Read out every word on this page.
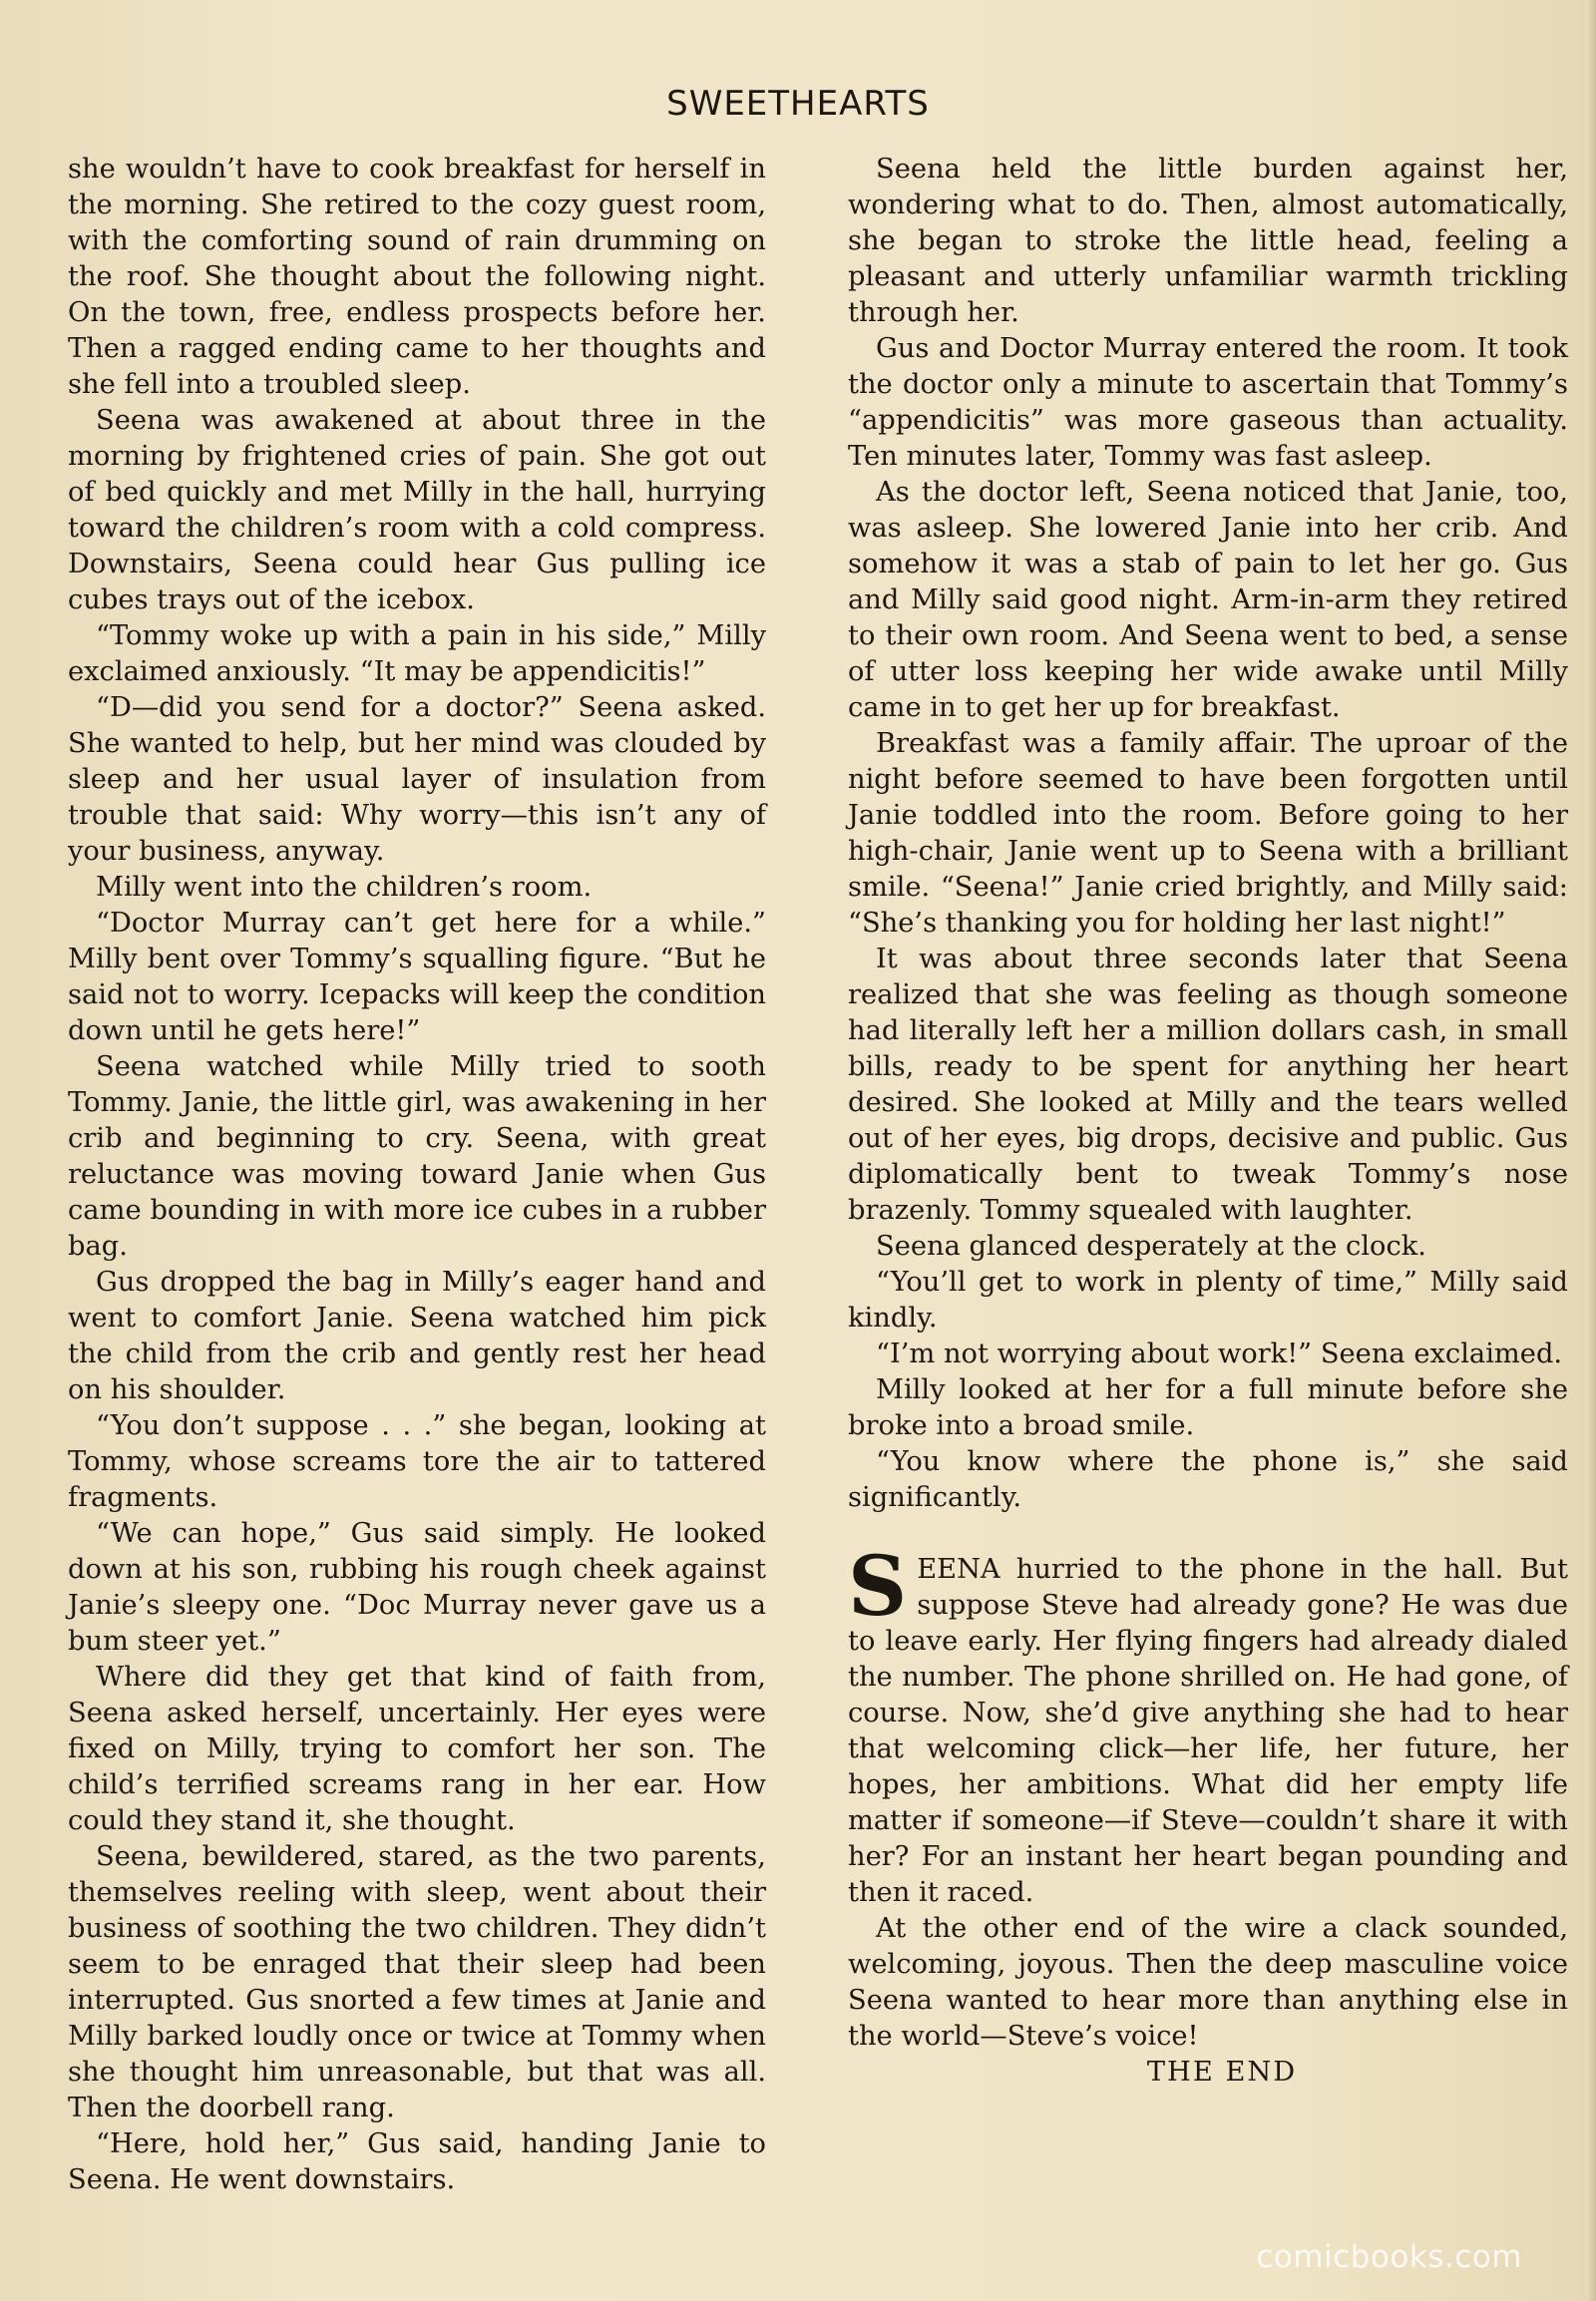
SWEETHEARTS

she wouldn’t have to cook breakfast for herself in the morning. She retired to the cozy guest room, with the comforting sound of rain drumming on the roof. She thought about the following night. On the town, free, endless prospects before her. Then a ragged ending came to her thoughts and she fell into a troubled sleep.

Seena was awakened at about three in the morning by frightened cries of pain. She got out of bed quickly and met Milly in the hall, hurrying toward the children’s room with a cold compress. Downstairs, Seena could hear Gus pulling ice cubes trays out of the icebox.

“Tommy woke up with a pain in his side,” Milly exclaimed anxiously. “It may be appendicitis!”

“D—did you send for a doctor?” Seena asked. She wanted to help, but her mind was clouded by sleep and her usual layer of insulation from trouble that said: Why worry—this isn’t any of your business, anyway.

Milly went into the children’s room.

“Doctor Murray can’t get here for a while.” Milly bent over Tommy’s squalling figure. “But he said not to worry. Icepacks will keep the condition down until he gets here!”

Seena watched while Milly tried to sooth Tommy. Janie, the little girl, was awakening in her crib and beginning to cry. Seena, with great reluctance was moving toward Janie when Gus came bounding in with more ice cubes in a rubber bag.

Gus dropped the bag in Milly’s eager hand and went to comfort Janie. Seena watched him pick the child from the crib and gently rest her head on his shoulder.

“You don’t suppose . . .” she began, looking at Tommy, whose screams tore the air to tattered fragments.

“We can hope,” Gus said simply. He looked down at his son, rubbing his rough cheek against Janie’s sleepy one. “Doc Murray never gave us a bum steer yet.”

Where did they get that kind of faith from, Seena asked herself, uncertainly. Her eyes were fixed on Milly, trying to comfort her son. The child’s terrified screams rang in her ear. How could they stand it, she thought.

Seena, bewildered, stared, as the two parents, themselves reeling with sleep, went about their business of soothing the two children. They didn’t seem to be enraged that their sleep had been interrupted. Gus snorted a few times at Janie and Milly barked loudly once or twice at Tommy when she thought him unreasonable, but that was all. Then the doorbell rang.

“Here, hold her,” Gus said, handing Janie to Seena. He went downstairs.

Seena held the little burden against her, wondering what to do. Then, almost automatically, she began to stroke the little head, feeling a pleasant and utterly unfamiliar warmth trickling through her.

Gus and Doctor Murray entered the room. It took the doctor only a minute to ascertain that Tommy’s “appendicitis” was more gaseous than actuality. Ten minutes later, Tommy was fast asleep.

As the doctor left, Seena noticed that Janie, too, was asleep. She lowered Janie into her crib. And somehow it was a stab of pain to let her go. Gus and Milly said good night. Arm-in-arm they retired to their own room. And Seena went to bed, a sense of utter loss keeping her wide awake until Milly came in to get her up for breakfast.

Breakfast was a family affair. The uproar of the night before seemed to have been forgotten until Janie toddled into the room. Before going to her high-chair, Janie went up to Seena with a brilliant smile. “Seena!” Janie cried brightly, and Milly said: “She’s thanking you for holding her last night!”

It was about three seconds later that Seena realized that she was feeling as though someone had literally left her a million dollars cash, in small bills, ready to be spent for anything her heart desired. She looked at Milly and the tears welled out of her eyes, big drops, decisive and public. Gus diplomatically bent to tweak Tommy’s nose brazenly. Tommy squealed with laughter.

Seena glanced desperately at the clock.

“You’ll get to work in plenty of time,” Milly said kindly.

“I’m not worrying about work!” Seena exclaimed.

Milly looked at her for a full minute before she broke into a broad smile.

“You know where the phone is,” she said significantly.

SEENA hurried to the phone in the hall. But suppose Steve had already gone? He was due to leave early. Her flying fingers had already dialed the number. The phone shrilled on. He had gone, of course. Now, she’d give anything she had to hear that welcoming click—her life, her future, her hopes, her ambitions. What did her empty life matter if someone—if Steve—couldn’t share it with her? For an instant her heart began pounding and then it raced.

At the other end of the wire a clack sounded, welcoming, joyous. Then the deep masculine voice Seena wanted to hear more than anything else in the world—Steve’s voice!

THE END

comicbooks.com
